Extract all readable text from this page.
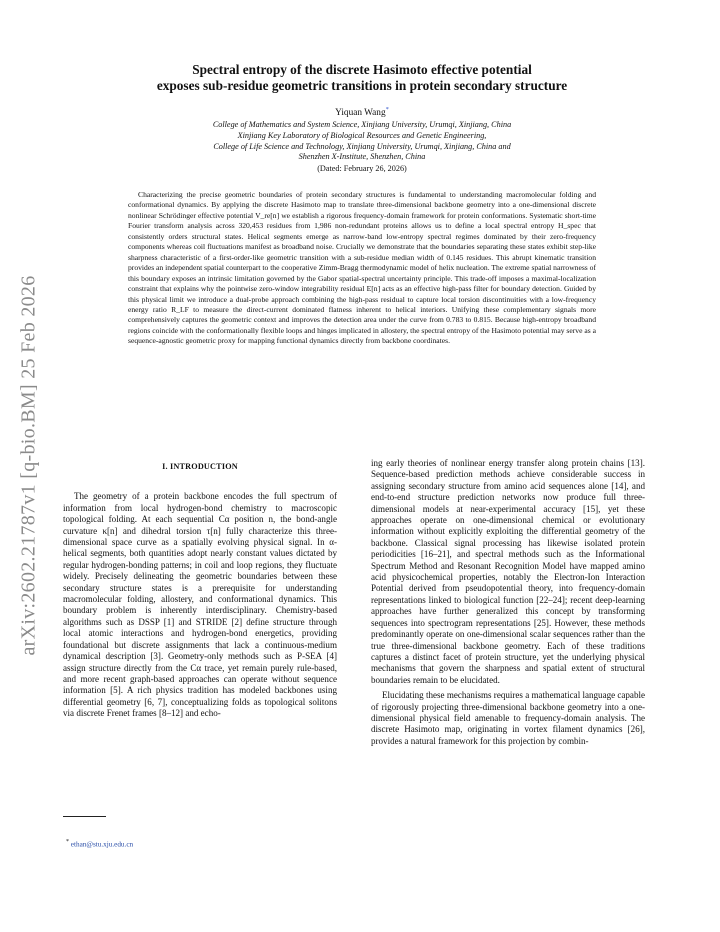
arXiv:2602.21787v1 [q-bio.BM] 25 Feb 2026

Spectral entropy of the discrete Hasimoto effective potential
exposes sub-residue geometric transitions in protein secondary structure

Yiquan Wang*
College of Mathematics and System Science, Xinjiang University, Urumqi, Xinjiang, China
Xinjiang Key Laboratory of Biological Resources and Genetic Engineering,
College of Life Science and Technology, Xinjiang University, Urumqi, Xinjiang, China and
Shenzhen X-Institute, Shenzhen, China
(Dated: February 26, 2026)

Characterizing the precise geometric boundaries of protein secondary structures is fundamental to understanding macromolecular folding and conformational dynamics. By applying the discrete Hasimoto map to translate three-dimensional backbone geometry into a one-dimensional discrete nonlinear Schrödinger effective potential V_re[n] we establish a rigorous frequency-domain framework for protein conformations. Systematic short-time Fourier transform analysis across 320,453 residues from 1,986 non-redundant proteins allows us to define a local spectral entropy H_spec that consistently orders structural states. Helical segments emerge as narrow-band low-entropy spectral regimes dominated by their zero-frequency components whereas coil fluctuations manifest as broadband noise. Crucially we demonstrate that the boundaries separating these states exhibit step-like sharpness characteristic of a first-order-like geometric transition with a sub-residue median width of 0.145 residues. This abrupt kinematic transition provides an independent spatial counterpart to the cooperative Zimm-Bragg thermodynamic model of helix nucleation. The extreme spatial narrowness of this boundary exposes an intrinsic limitation governed by the Gabor spatial-spectral uncertainty principle. This trade-off imposes a maximal-localization constraint that explains why the pointwise zero-window integrability residual E[n] acts as an effective high-pass filter for boundary detection. Guided by this physical limit we introduce a dual-probe approach combining the high-pass residual to capture local torsion discontinuities with a low-frequency energy ratio R_LF to measure the direct-current dominated flatness inherent to helical interiors. Unifying these complementary signals more comprehensively captures the geometric context and improves the detection area under the curve from 0.783 to 0.815. Because high-entropy broadband regions coincide with the conformationally flexible loops and hinges implicated in allostery, the spectral entropy of the Hasimoto potential may serve as a sequence-agnostic geometric proxy for mapping functional dynamics directly from backbone coordinates.

I. INTRODUCTION

The geometry of a protein backbone encodes the full spectrum of information from local hydrogen-bond chemistry to macroscopic topological folding. At each sequential Cα position n, the bond-angle curvature κ[n] and dihedral torsion τ[n] fully characterize this three-dimensional space curve as a spatially evolving physical signal. In α-helical segments, both quantities adopt nearly constant values dictated by regular hydrogen-bonding patterns; in coil and loop regions, they fluctuate widely. Precisely delineating the geometric boundaries between these secondary structure states is a prerequisite for understanding macromolecular folding, allostery, and conformational dynamics. This boundary problem is inherently interdisciplinary. Chemistry-based algorithms such as DSSP [1] and STRIDE [2] define structure through local atomic interactions and hydrogen-bond energetics, providing foundational but discrete assignments that lack a continuous-medium dynamical description [3]. Geometry-only methods such as P-SEA [4] assign structure directly from the Cα trace, yet remain purely rule-based, and more recent graph-based approaches can operate without sequence information [5]. A rich physics tradition has modeled backbones using differential geometry [6, 7], conceptualizing folds as topological solitons via discrete Frenet frames [8–12] and echo-

ing early theories of nonlinear energy transfer along protein chains [13]. Sequence-based prediction methods achieve considerable success in assigning secondary structure from amino acid sequences alone [14], and end-to-end structure prediction networks now produce full three-dimensional models at near-experimental accuracy [15], yet these approaches operate on one-dimensional chemical or evolutionary information without explicitly exploiting the differential geometry of the backbone. Classical signal processing has likewise isolated protein periodicities [16–21], and spectral methods such as the Informational Spectrum Method and Resonant Recognition Model have mapped amino acid physicochemical properties, notably the Electron-Ion Interaction Potential derived from pseudopotential theory, into frequency-domain representations linked to biological function [22–24]; recent deep-learning approaches have further generalized this concept by transforming sequences into spectrogram representations [25]. However, these methods predominantly operate on one-dimensional scalar sequences rather than the true three-dimensional backbone geometry. Each of these traditions captures a distinct facet of protein structure, yet the underlying physical mechanisms that govern the sharpness and spatial extent of structural boundaries remain to be elucidated.

Elucidating these mechanisms requires a mathematical language capable of rigorously projecting three-dimensional backbone geometry into a one-dimensional physical field amenable to frequency-domain analysis. The discrete Hasimoto map, originating in vortex filament dynamics [26], provides a natural framework for this projection by combin-

* ethan@stu.xju.edu.cn
